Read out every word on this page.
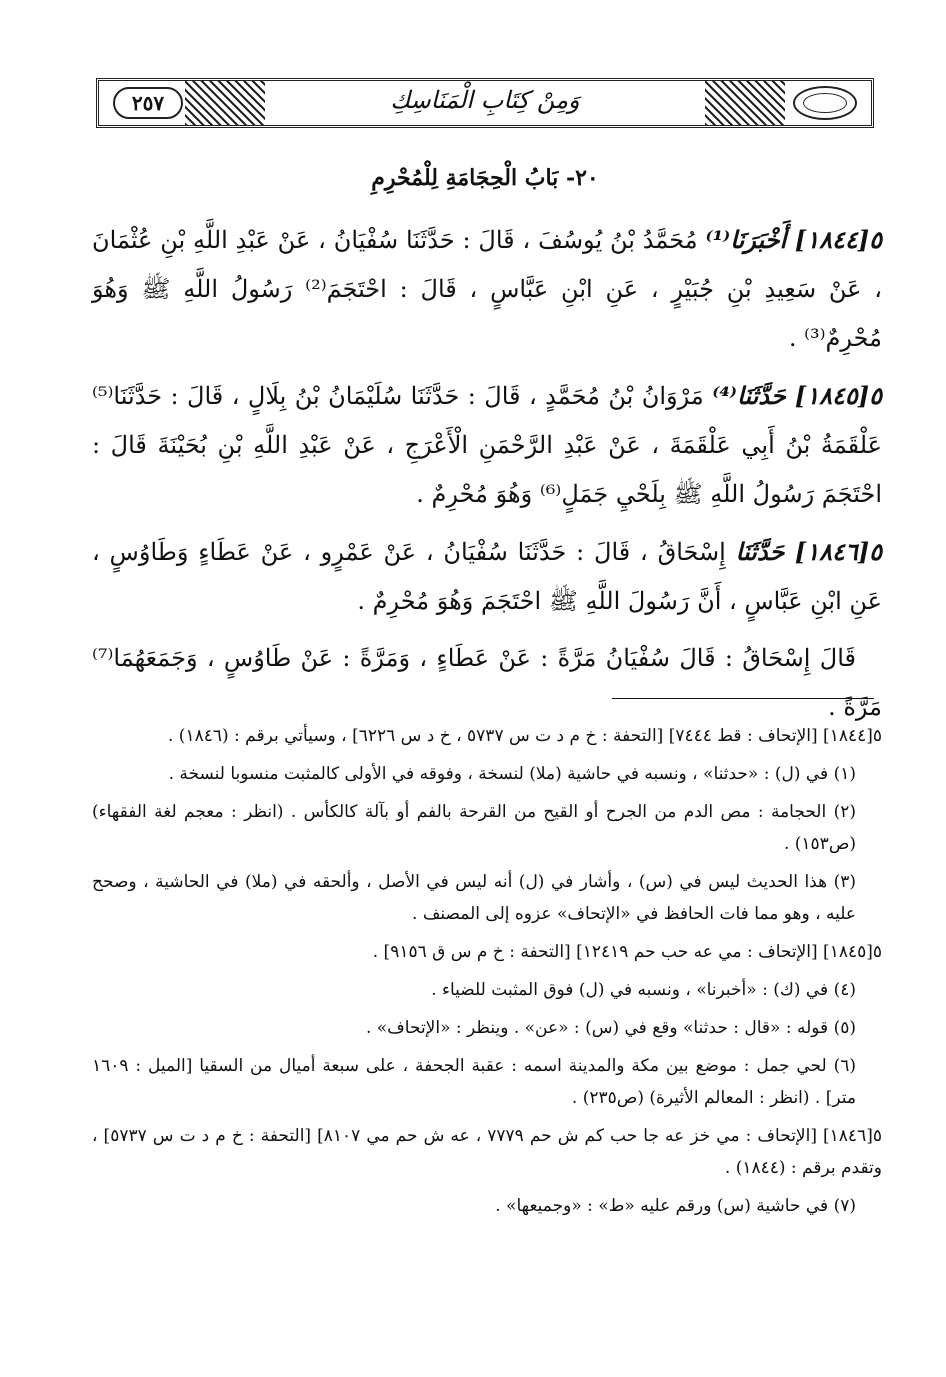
وَمِنْ كِتَابِ الْمَنَاسِكِ
٢٥٧
٢٠- بَابُ الْحِجَامَةِ لِلْمُحْرِمِ

٥[١٨٤٤] أَخْبَرَنَا⁽¹⁾ مُحَمَّدُ بْنُ يُوسُفَ ، قَالَ : حَدَّثَنَا سُفْيَانُ ، عَنْ عَبْدِ اللَّهِ بْنِ عُثْمَانَ ، عَنْ سَعِيدِ بْنِ جُبَيْرٍ ، عَنِ ابْنِ عَبَّاسٍ ، قَالَ : احْتَجَمَ⁽²⁾ رَسُولُ اللَّهِ ﷺ وَهُوَ مُحْرِمٌ⁽³⁾ .

٥[١٨٤٥] حَدَّثَنَا⁽⁴⁾ مَرْوَانُ بْنُ مُحَمَّدٍ ، قَالَ : حَدَّثَنَا سُلَيْمَانُ بْنُ بِلَالٍ ، قَالَ : حَدَّثَنَا⁽⁵⁾ عَلْقَمَةُ بْنُ أَبِي عَلْقَمَةَ ، عَنْ عَبْدِ الرَّحْمَنِ الْأَعْرَجِ ، عَنْ عَبْدِ اللَّهِ بْنِ بُحَيْنَةَ قَالَ : احْتَجَمَ رَسُولُ اللَّهِ ﷺ بِلَحْيِ جَمَلٍ⁽⁶⁾ وَهُوَ مُحْرِمٌ .

٥[١٨٤٦] حَدَّثَنَا إِسْحَاقُ ، قَالَ : حَدَّثَنَا سُفْيَانُ ، عَنْ عَمْرٍو ، عَنْ عَطَاءٍ وَطَاوُسٍ ، عَنِ ابْنِ عَبَّاسٍ ، أَنَّ رَسُولَ اللَّهِ ﷺ احْتَجَمَ وَهُوَ مُحْرِمٌ .

قَالَ إِسْحَاقُ : قَالَ سُفْيَانُ مَرَّةً : عَنْ عَطَاءٍ ، وَمَرَّةً : عَنْ طَاوُسٍ ، وَجَمَعَهُمَا⁽⁷⁾ مَرَّةً .

٥[١٨٤٤] [الإتحاف : قط ٧٤٤٤] [التحفة : خ م د ت س ٥٧٣٧ ، خ د س ٦٢٢٦] ، وسيأتي برقم : (١٨٤٦) .

(١) في (ل) : «حدثنا» ، ونسبه في حاشية (ملا) لنسخة ، وفوقه في الأولى كالمثبت منسوبا لنسخة .

(٢) الحجامة : مص الدم من الجرح أو القيح من القرحة بالفم أو بآلة كالكأس . (انظر : معجم لغة الفقهاء) (ص١٥٣) .

(٣) هذا الحديث ليس في (س) ، وأشار في (ل) أنه ليس في الأصل ، وألحقه في (ملا) في الحاشية ، وصحح عليه ، وهو مما فات الحافظ في «الإتحاف» عزوه إلى المصنف .

٥[١٨٤٥] [الإتحاف : مي عه حب حم ١٢٤١٩] [التحفة : خ م س ق ٩١٥٦] .

(٤) في (ك) : «أخبرنا» ، ونسبه في (ل) فوق المثبت للضياء .

(٥) قوله : «قال : حدثنا» وقع في (س) : «عن» . وينظر : «الإتحاف» .

(٦) لحي جمل : موضع بين مكة والمدينة اسمه : عقبة الجحفة ، على سبعة أميال من السقيا [الميل : ١٦٠٩ متر] . (انظر : المعالم الأثيرة) (ص٢٣٥) .

٥[١٨٤٦] [الإتحاف : مي خز عه جا حب كم ش حم ٧٧٧٩ ، عه ش حم مي ٨١٠٧] [التحفة : خ م د ت س ٥٧٣٧] ، وتقدم برقم : (١٨٤٤) .

(٧) في حاشية (س) ورقم عليه «ط» : «وجميعها» .
